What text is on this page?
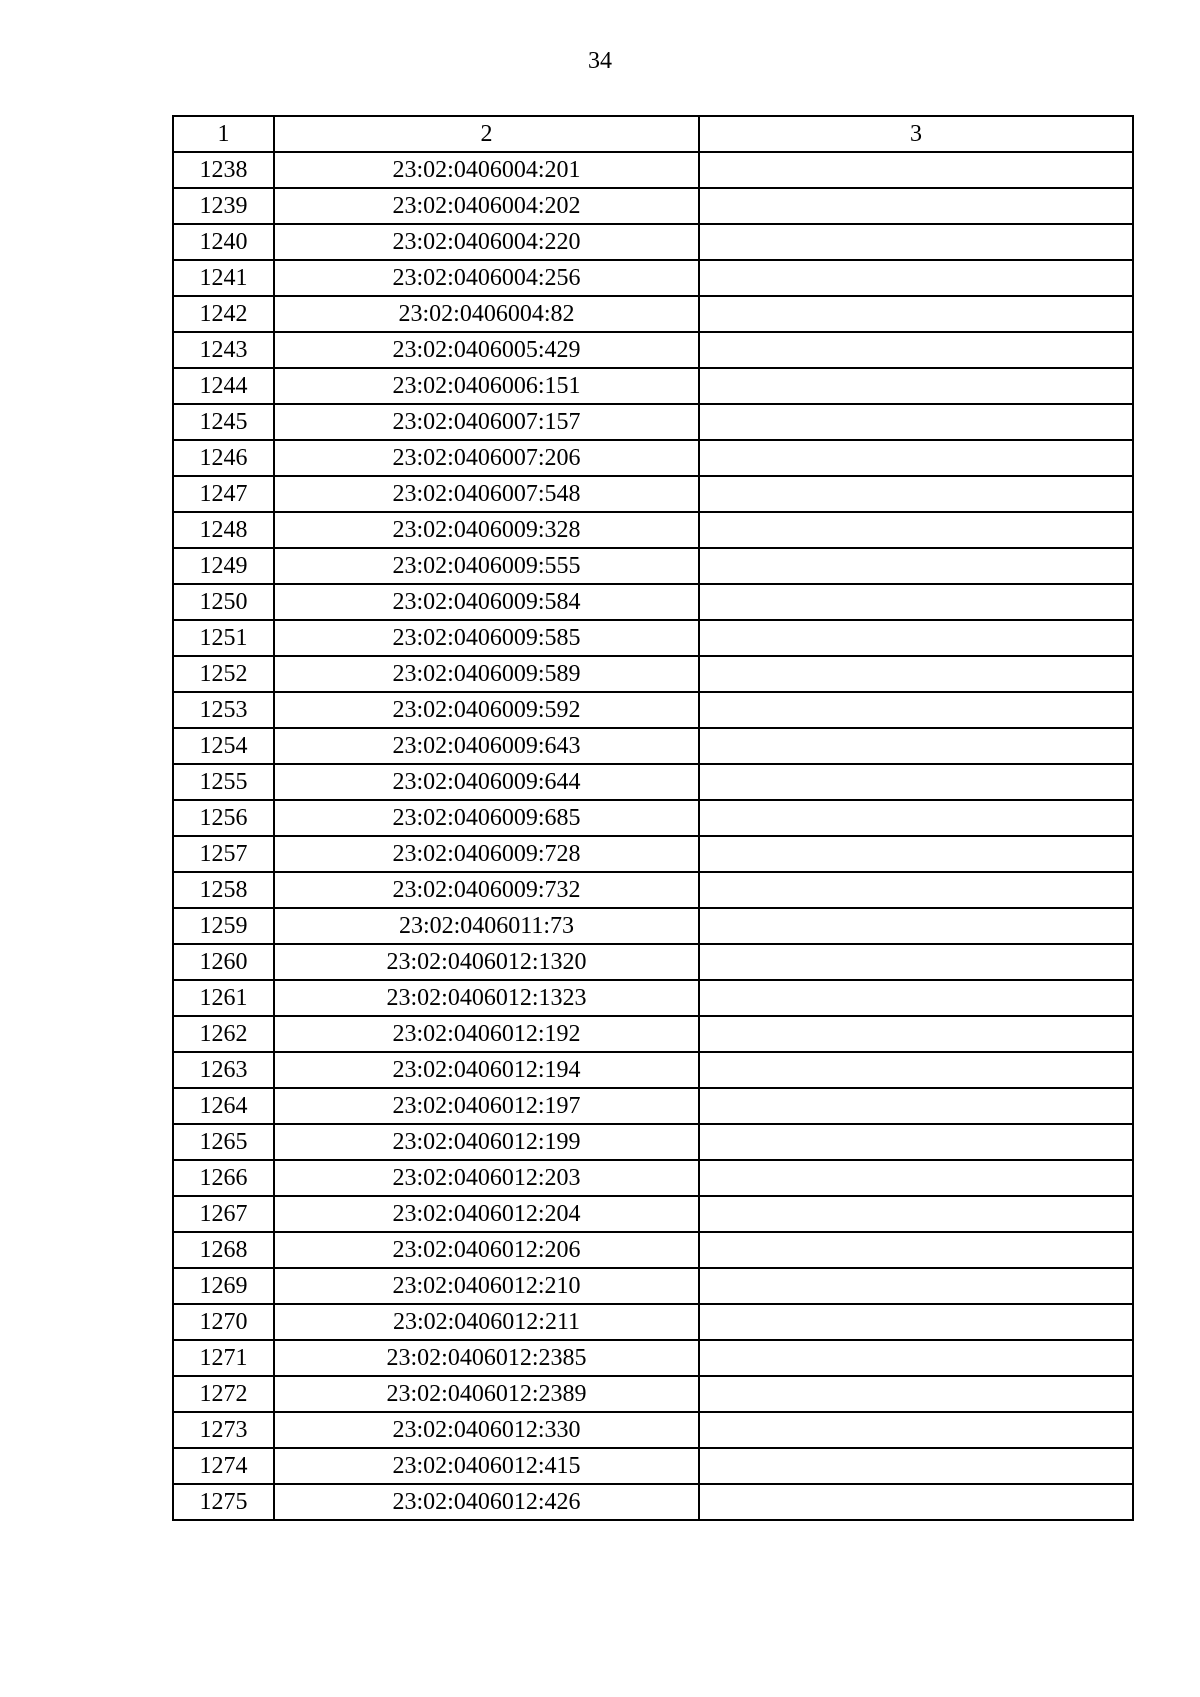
34
1	2	3
1238	23:02:0406004:201	
1239	23:02:0406004:202	
1240	23:02:0406004:220	
1241	23:02:0406004:256	
1242	23:02:0406004:82	
1243	23:02:0406005:429	
1244	23:02:0406006:151	
1245	23:02:0406007:157	
1246	23:02:0406007:206	
1247	23:02:0406007:548	
1248	23:02:0406009:328	
1249	23:02:0406009:555	
1250	23:02:0406009:584	
1251	23:02:0406009:585	
1252	23:02:0406009:589	
1253	23:02:0406009:592	
1254	23:02:0406009:643	
1255	23:02:0406009:644	
1256	23:02:0406009:685	
1257	23:02:0406009:728	
1258	23:02:0406009:732	
1259	23:02:0406011:73	
1260	23:02:0406012:1320	
1261	23:02:0406012:1323	
1262	23:02:0406012:192	
1263	23:02:0406012:194	
1264	23:02:0406012:197	
1265	23:02:0406012:199	
1266	23:02:0406012:203	
1267	23:02:0406012:204	
1268	23:02:0406012:206	
1269	23:02:0406012:210	
1270	23:02:0406012:211	
1271	23:02:0406012:2385	
1272	23:02:0406012:2389	
1273	23:02:0406012:330	
1274	23:02:0406012:415	
1275	23:02:0406012:426	
